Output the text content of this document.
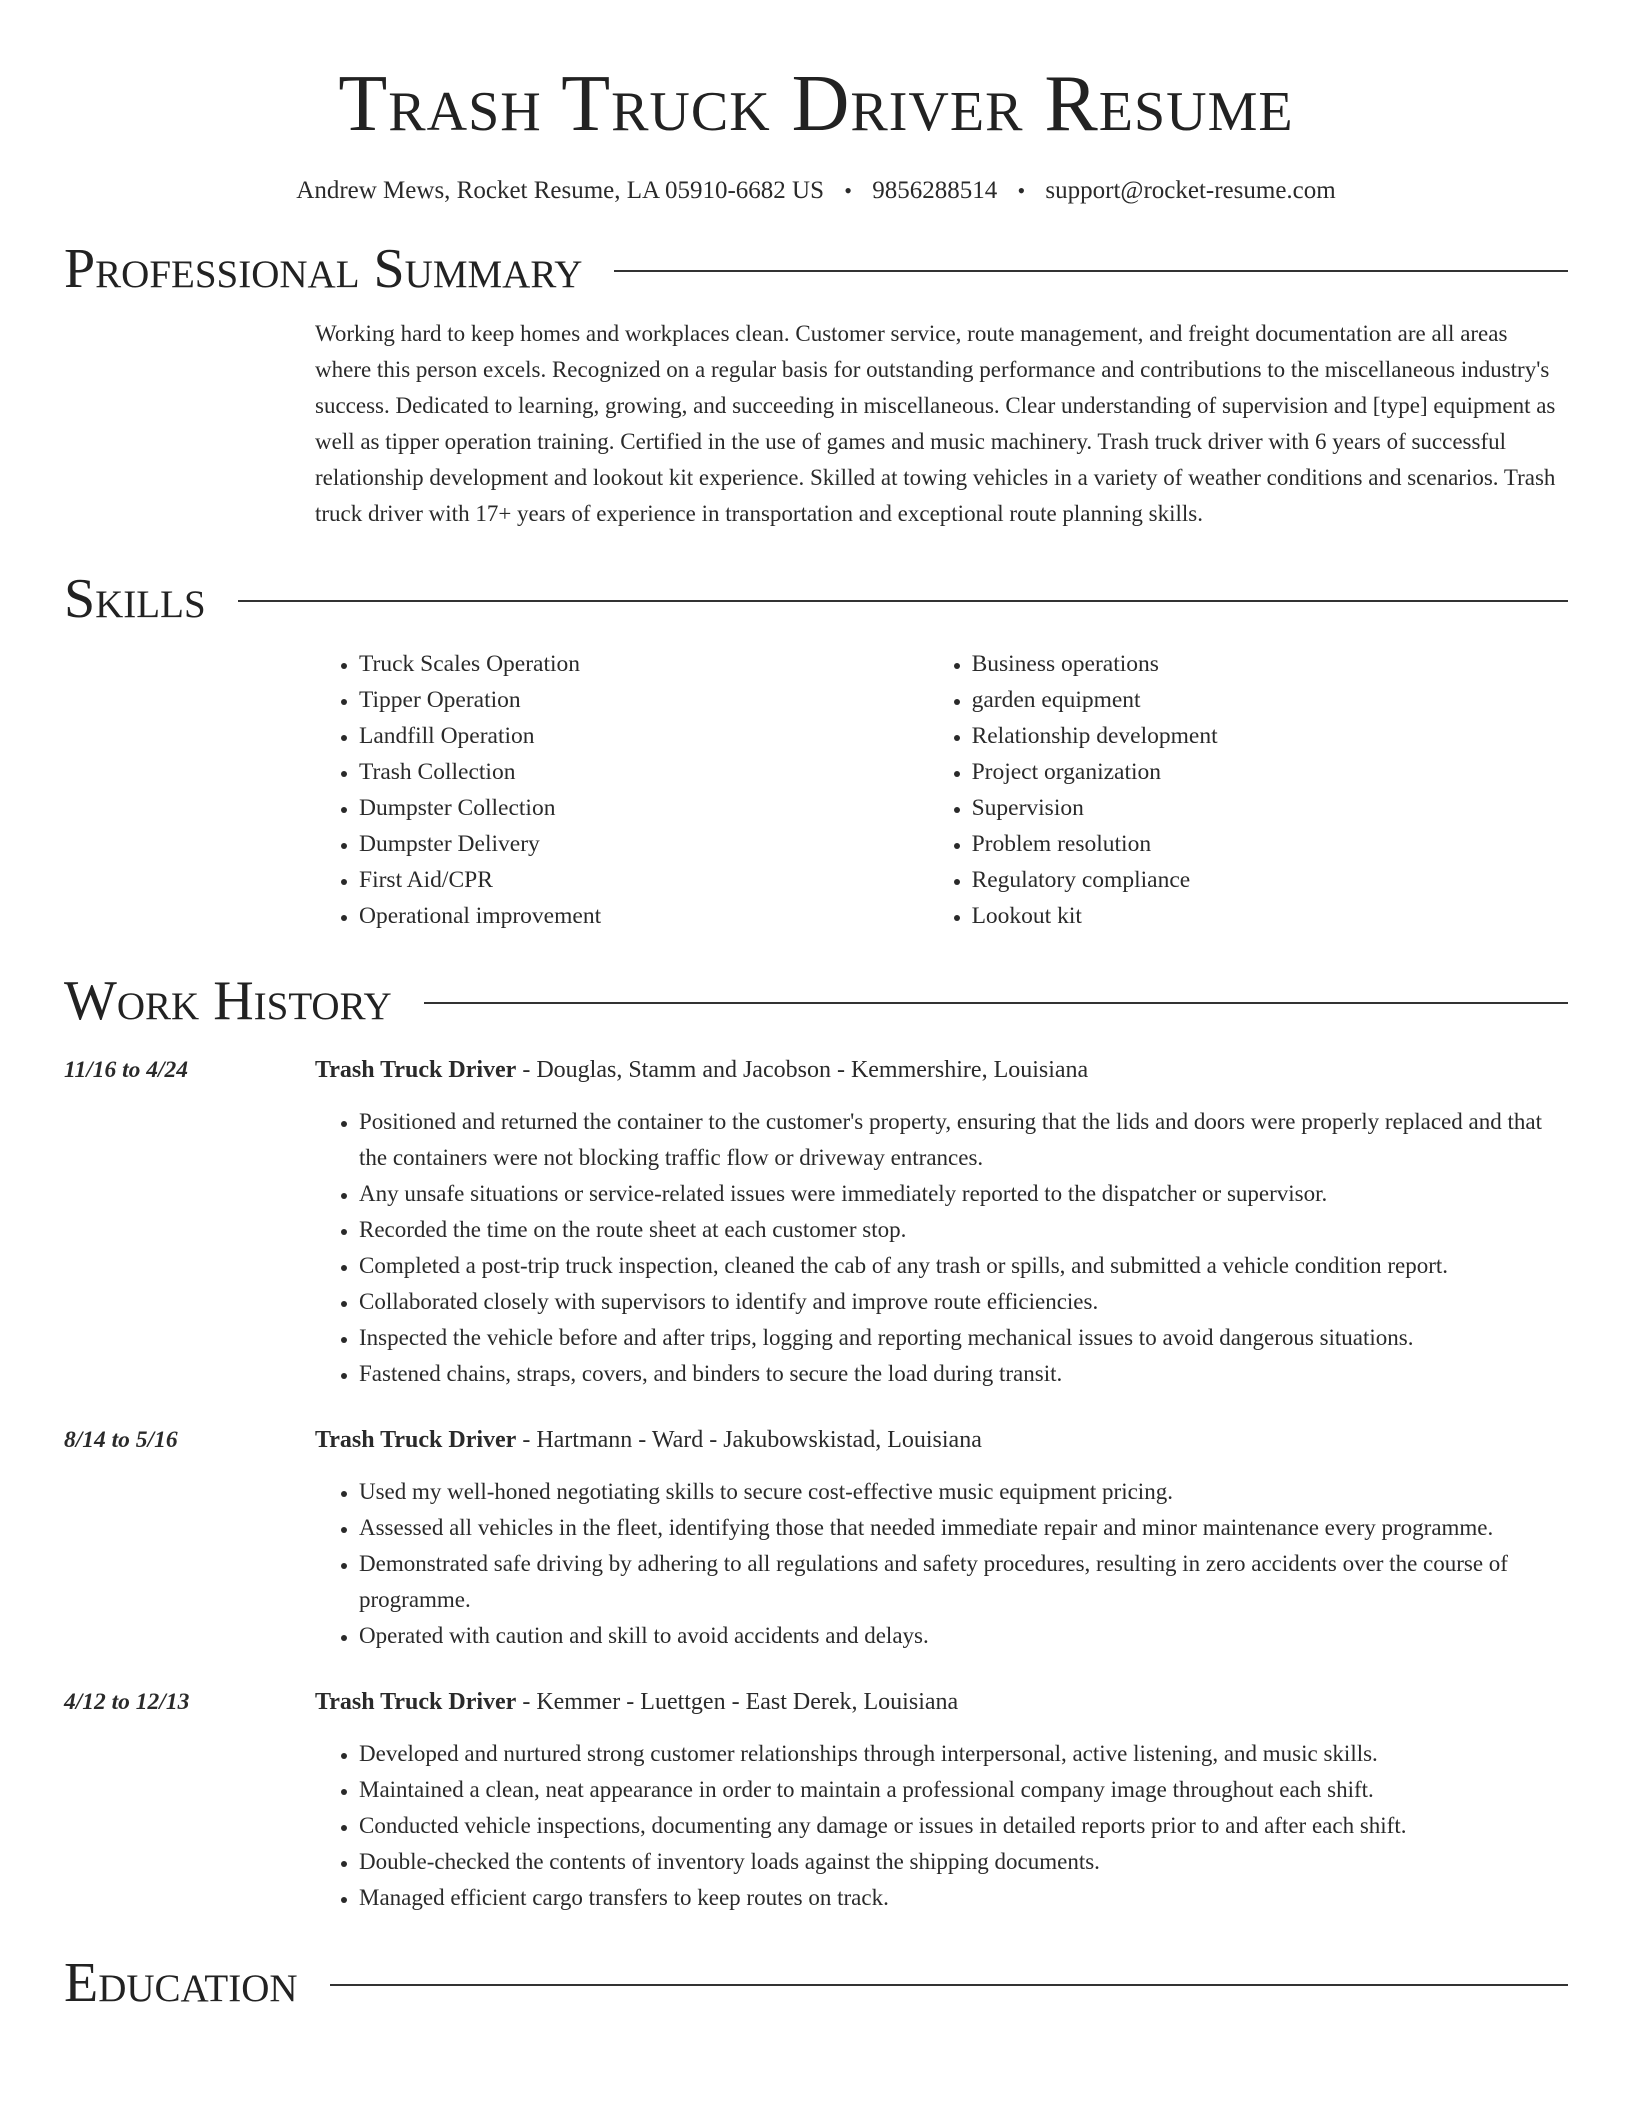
Trash Truck Driver Resume
Andrew Mews, Rocket Resume, LA 05910-6682 US • 9856288514 • support@rocket-resume.com
Professional Summary
Working hard to keep homes and workplaces clean. Customer service, route management, and freight documentation are all areas where this person excels. Recognized on a regular basis for outstanding performance and contributions to the miscellaneous industry's success. Dedicated to learning, growing, and succeeding in miscellaneous. Clear understanding of supervision and [type] equipment as well as tipper operation training. Certified in the use of games and music machinery. Trash truck driver with 6 years of successful relationship development and lookout kit experience. Skilled at towing vehicles in a variety of weather conditions and scenarios. Trash truck driver with 17+ years of experience in transportation and exceptional route planning skills.
Skills
• Truck Scales Operation
• Tipper Operation
• Landfill Operation
• Trash Collection
• Dumpster Collection
• Dumpster Delivery
• First Aid/CPR
• Operational improvement
• Business operations
• garden equipment
• Relationship development
• Project organization
• Supervision
• Problem resolution
• Regulatory compliance
• Lookout kit
Work History
11/16 to 4/24	Trash Truck Driver - Douglas, Stamm and Jacobson - Kemmershire, Louisiana
• Positioned and returned the container to the customer's property, ensuring that the lids and doors were properly replaced and that the containers were not blocking traffic flow or driveway entrances.
• Any unsafe situations or service-related issues were immediately reported to the dispatcher or supervisor.
• Recorded the time on the route sheet at each customer stop.
• Completed a post-trip truck inspection, cleaned the cab of any trash or spills, and submitted a vehicle condition report.
• Collaborated closely with supervisors to identify and improve route efficiencies.
• Inspected the vehicle before and after trips, logging and reporting mechanical issues to avoid dangerous situations.
• Fastened chains, straps, covers, and binders to secure the load during transit.
8/14 to 5/16	Trash Truck Driver - Hartmann - Ward - Jakubowskistad, Louisiana
• Used my well-honed negotiating skills to secure cost-effective music equipment pricing.
• Assessed all vehicles in the fleet, identifying those that needed immediate repair and minor maintenance every programme.
• Demonstrated safe driving by adhering to all regulations and safety procedures, resulting in zero accidents over the course of programme.
• Operated with caution and skill to avoid accidents and delays.
4/12 to 12/13	Trash Truck Driver - Kemmer - Luettgen - East Derek, Louisiana
• Developed and nurtured strong customer relationships through interpersonal, active listening, and music skills.
• Maintained a clean, neat appearance in order to maintain a professional company image throughout each shift.
• Conducted vehicle inspections, documenting any damage or issues in detailed reports prior to and after each shift.
• Double-checked the contents of inventory loads against the shipping documents.
• Managed efficient cargo transfers to keep routes on track.
Education
